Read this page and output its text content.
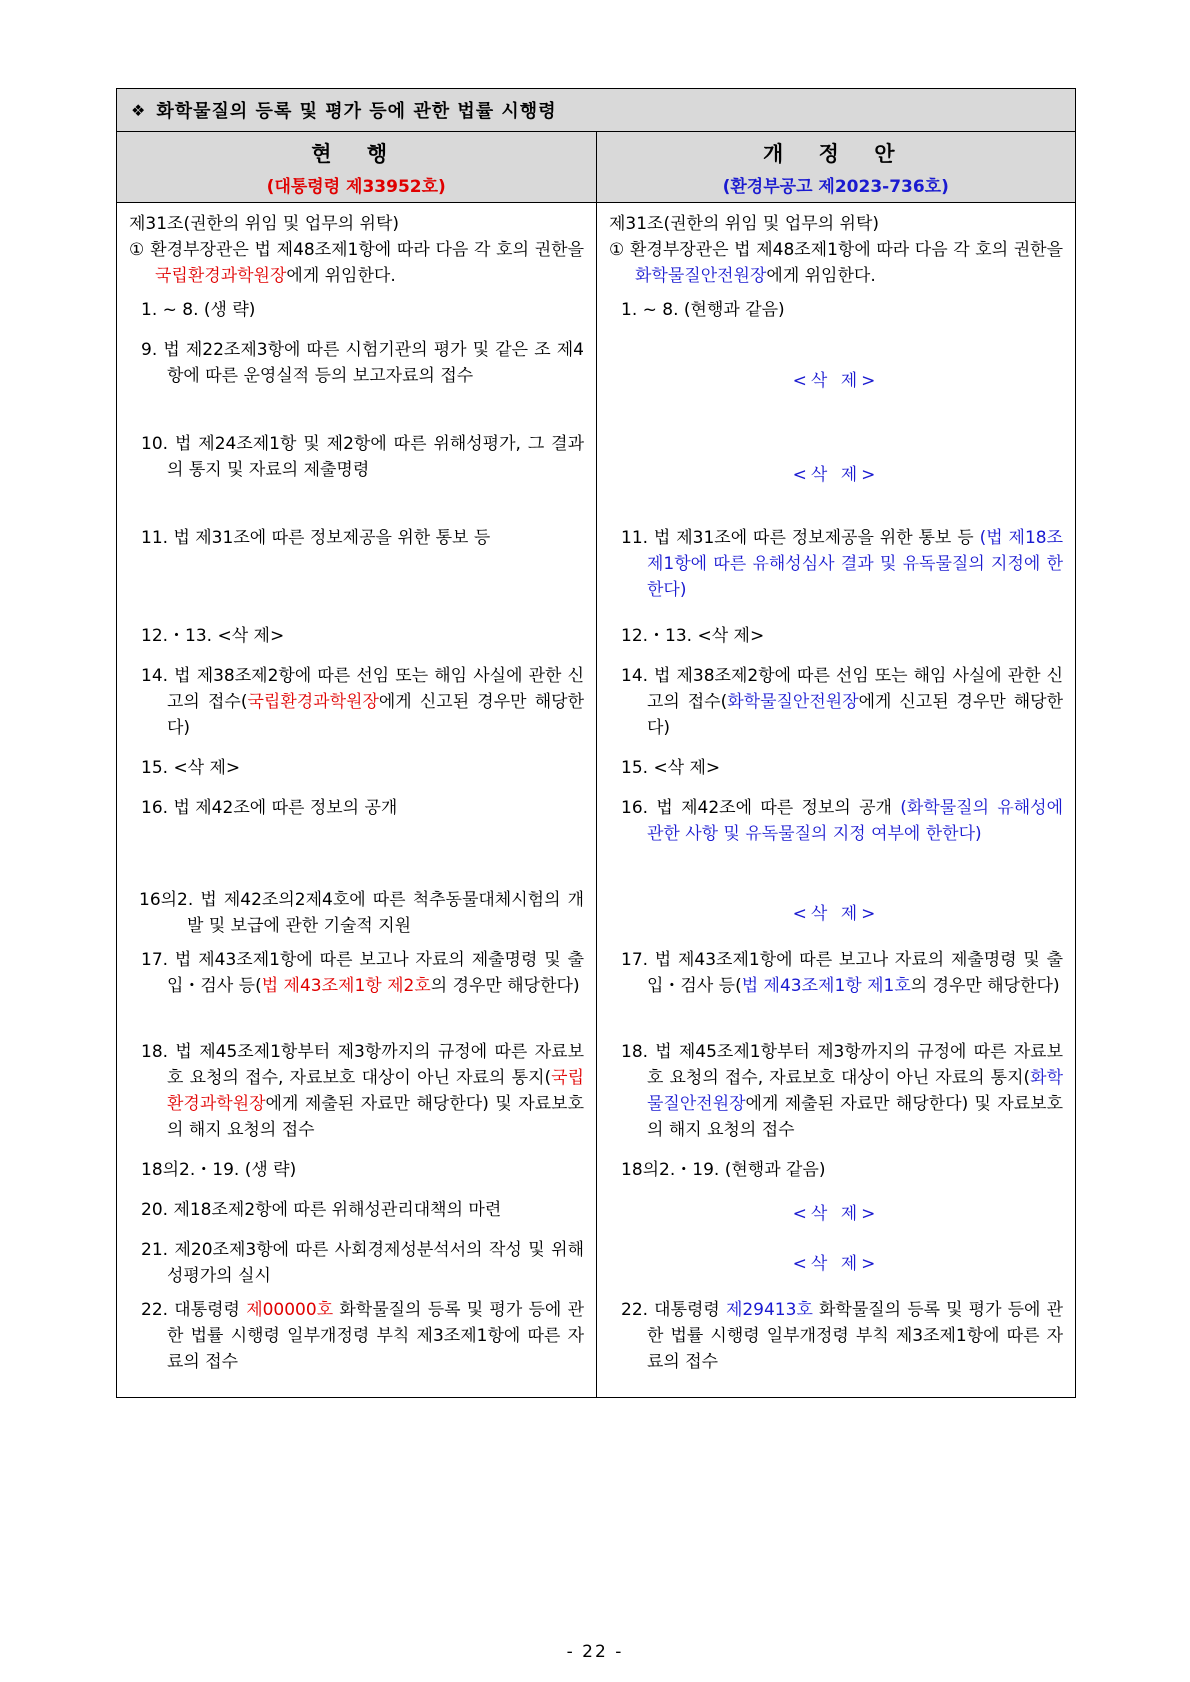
❖ 화학물질의 등록 및 평가 등에 관한 법률 시행령
현 행
(대통령령 제33952호)
개 정 안
(환경부공고 제2023-736호)
제31조(권한의 위임 및 업무의 위탁)
① 환경부장관은 법 제48조제1항에 따라 다음 각 호의 권한을 국립환경과학원장에게 위임한다.
1. ~ 8. (생 략)
9. 법 제22조제3항에 따른 시험기관의 평가 및 같은 조 제4항에 따른 운영실적 등의 보고자료의 접수
10. 법 제24조제1항 및 제2항에 따른 위해성평가, 그 결과의 통지 및 자료의 제출명령
11. 법 제31조에 따른 정보제공을 위한 통보 등
12.・13. <삭 제>
14. 법 제38조제2항에 따른 선임 또는 해임 사실에 관한 신고의 접수(국립환경과학원장에게 신고된 경우만 해당한다)
15. <삭 제>
16. 법 제42조에 따른 정보의 공개
16의2. 법 제42조의2제4호에 따른 척추동물대체시험의 개발 및 보급에 관한 기술적 지원
17. 법 제43조제1항에 따른 보고나 자료의 제출명령 및 출입・검사 등(법 제43조제1항 제2호의 경우만 해당한다)
18. 법 제45조제1항부터 제3항까지의 규정에 따른 자료보호 요청의 접수, 자료보호 대상이 아닌 자료의 통지(국립환경과학원장에게 제출된 자료만 해당한다) 및 자료보호의 해지 요청의 접수
18의2.・19. (생 략)
20. 제18조제2항에 따른 위해성관리대책의 마련
21. 제20조제3항에 따른 사회경제성분석서의 작성 및 위해성평가의 실시
22. 대통령령 제00000호 화학물질의 등록 및 평가 등에 관한 법률 시행령 일부개정령 부칙 제3조제1항에 따른 자료의 접수
제31조(권한의 위임 및 업무의 위탁)
① 환경부장관은 법 제48조제1항에 따라 다음 각 호의 권한을 화학물질안전원장에게 위임한다.
1. ~ 8. (현행과 같음)
<삭 제>
<삭 제>
11. 법 제31조에 따른 정보제공을 위한 통보 등 (법 제18조제1항에 따른 유해성심사 결과 및 유독물질의 지정에 한한다)
12.・13. <삭 제>
14. 법 제38조제2항에 따른 선임 또는 해임 사실에 관한 신고의 접수(화학물질안전원장에게 신고된 경우만 해당한다)
15. <삭 제>
16. 법 제42조에 따른 정보의 공개 (화학물질의 유해성에 관한 사항 및 유독물질의 지정 여부에 한한다)
<삭 제>
17. 법 제43조제1항에 따른 보고나 자료의 제출명령 및 출입・검사 등(법 제43조제1항 제1호의 경우만 해당한다)
18. 법 제45조제1항부터 제3항까지의 규정에 따른 자료보호 요청의 접수, 자료보호 대상이 아닌 자료의 통지(화학물질안전원장에게 제출된 자료만 해당한다) 및 자료보호의 해지 요청의 접수
18의2.・19. (현행과 같음)
<삭 제>
<삭 제>
22. 대통령령 제29413호 화학물질의 등록 및 평가 등에 관한 법률 시행령 일부개정령 부칙 제3조제1항에 따른 자료의 접수
- 22 -
